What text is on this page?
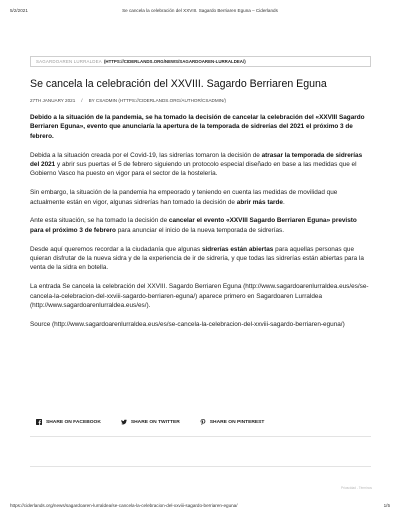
5/2/2021	Se cancela la celebración del XXVIII. Sagardo Berriaren Eguna – Ciderlands
SAGARDOAREN LURRALDEA (HTTPS://CIDERLANDS.ORG/NEWS/SAGARDOAREN-LURRALDEA/)
Se cancela la celebración del XXVIII. Sagardo Berriaren Eguna
27TH JANUARY 2021 / BY CSADMIN (HTTPS://CIDERLANDS.ORG/AUTHOR/CSADMIN/)

Debido a la situación de la pandemia, se ha tomado la decisión de cancelar la celebración del «XXVIII Sagardo Berriaren Eguna», evento que anunciaría la apertura de la temporada de sidrerías del 2021 el próximo 3 de febrero.

Debida a la situación creada por el Covid-19, las sidrerías tomaron la decisión de atrasar la temporada de sidrerías del 2021 y abrir sus puertas el 5 de febrero siguiendo un protocolo especial diseñado en base a las medidas que el Gobierno Vasco ha puesto en vigor para el sector de la hostelería.

Sin embargo, la situación de la pandemia ha empeorado y teniendo en cuenta las medidas de movilidad que actualmente están en vigor, algunas sidrerías han tomado la decisión de abrir más tarde.

Ante esta situación, se ha tomado la decisión de cancelar el evento «XXVIII Sagardo Berriaren Eguna» previsto para el próximo 3 de febrero para anunciar el inicio de la nueva temporada de sidrerías.

Desde aquí queremos recordar a la ciudadanía que algunas sidrerías están abiertas para aquellas personas que quieran disfrutar de la nueva sidra y de la experiencia de ir de sidrería, y que todas las sidrerías están abiertas para la venta de la sidra en botella.

La entrada Se cancela la celebración del XXVIII. Sagardo Berriaren Eguna (http://www.sagardoarenlurraldea.eus/es/se-cancela-la-celebracion-del-xxviii-sagardo-berriaren-eguna/) aparece primero en Sagardoaren Lurraldea (http://www.sagardoarenlurraldea.eus/es/).

Source (http://www.sagardoarenlurraldea.eus/es/se-cancela-la-celebracion-del-xxviii-sagardo-berriaren-eguna/)

SHARE ON FACEBOOK	SHARE ON TWITTER	SHARE ON PINTEREST
Privacidad - Términos
https://ciderlands.org/news/sagardoaren-lurraldea/se-cancela-la-celebracion-del-xxviii-sagardo-berriaren-eguna/	1/5
